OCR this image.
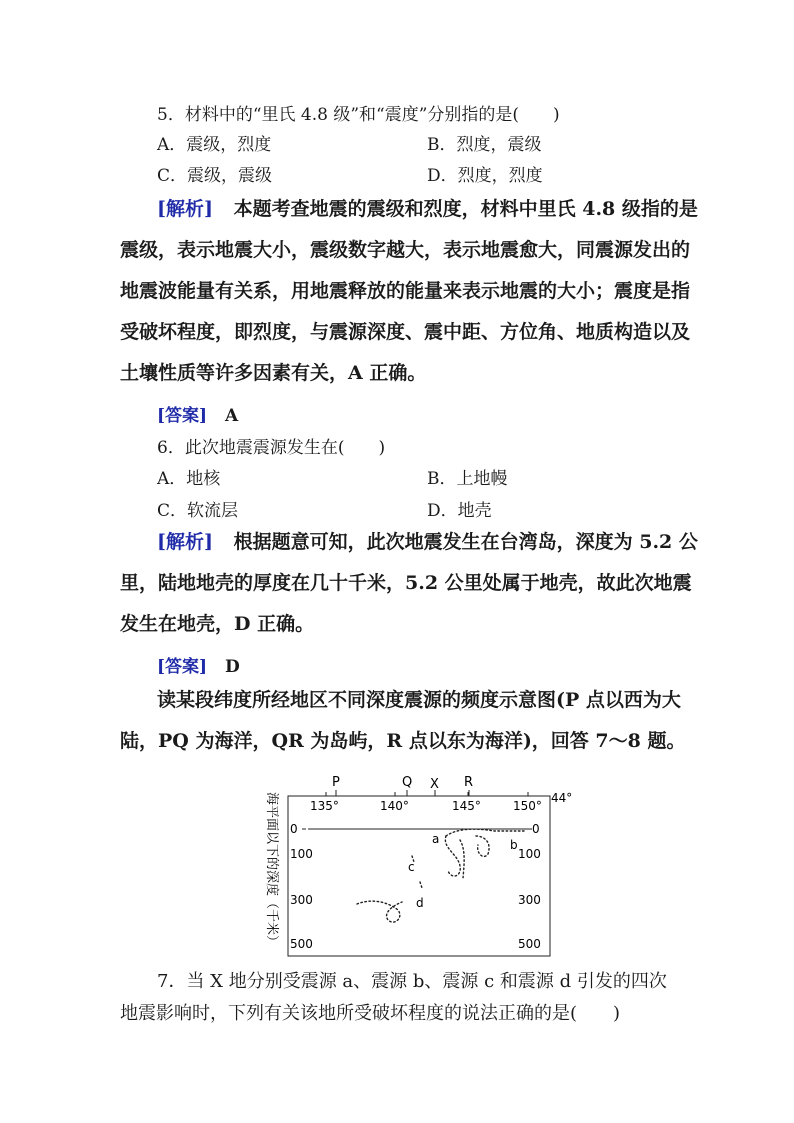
5．材料中的“里氏 4.8 级”和“震度”分别指的是(　　)
A．震级，烈度	B．烈度，震级
C．震级，震级	D．烈度，烈度
[解析] 本题考查地震的震级和烈度，材料中里氏 4.8 级指的是
震级，表示地震大小，震级数字越大，表示地震愈大，同震源发出的
地震波能量有关系，用地震释放的能量来表示地震的大小；震度是指
受破坏程度，即烈度，与震源深度、震中距、方位角、地质构造以及
土壤性质等许多因素有关，A 正确。
[答案] A
6．此次地震震源发生在(　　)
A．地核	B．上地幔
C．软流层	D．地壳
[解析] 根据题意可知，此次地震发生在台湾岛，深度为 5.2 公
里，陆地地壳的厚度在几十千米，5.2 公里处属于地壳，故此次地震
发生在地壳，D 正确。
[答案] D
读某段纬度所经地区不同深度震源的频度示意图(P 点以西为大
陆，PQ 为海洋，QR 为岛屿，R 点以东为海洋)，回答 7～8 题。
P	Q X R
135°	140°	145°	150°
44°
0
100
300
500
0
100
300
500
海平面以下的深度（千米）	a	b
c
d
7．当 X 地分别受震源 a、震源 b、震源 c 和震源 d 引发的四次
地震影响时，下列有关该地所受破坏程度的说法正确的是(　　)
